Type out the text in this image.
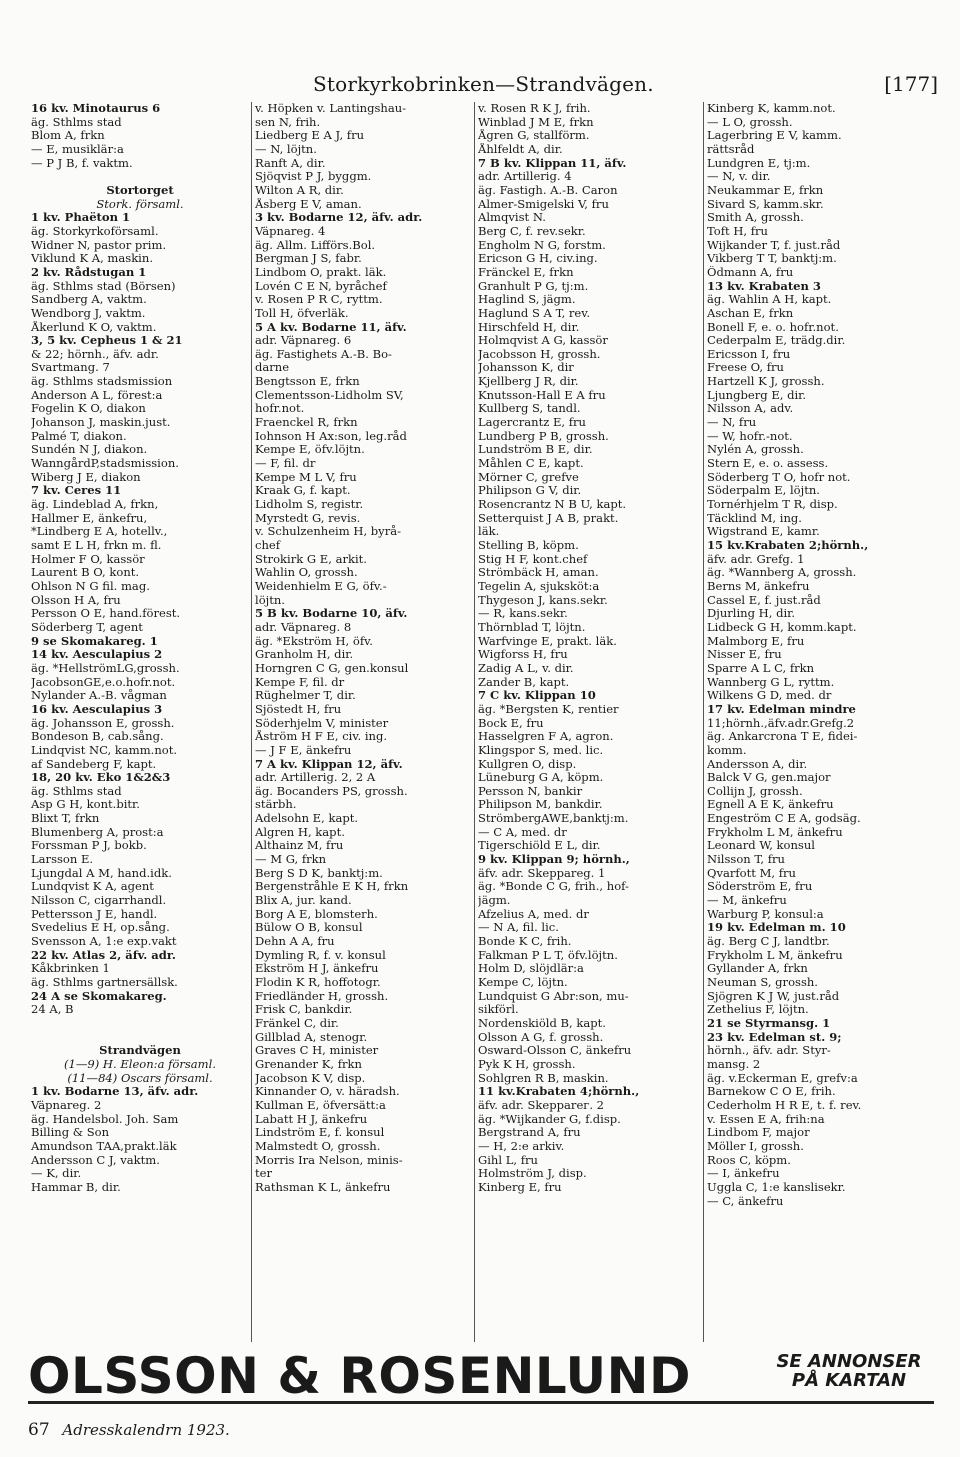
Storkyrkobrinken—Strandvägen.	[177]
16 kv. Minotaurus 6
äg. Sthlms stad
Blom A, frkn
— E, musiklär:a
— P J B, f. vaktm.

Stortorget
Stork. församl.
1 kv. Phaëton 1
äg. Storkyrkoförsaml.
Widner N, pastor prim.
Viklund K A, maskin.
2 kv. Rådstugan 1
äg. Sthlms stad (Börsen)
Sandberg A, vaktm.
Wendborg J, vaktm.
Åkerlund K O, vaktm.
3, 5 kv. Cepheus 1 & 21
& 22; hörnh., äfv. adr.
Svartmang. 7
äg. Sthlms stadsmission
Anderson A L, förest:a
Fogelin K O, diakon
Johanson J, maskin.just.
Palmé T, diakon.
Sundén N J, diakon.
WanngårdP,stadsmission.
Wiberg J E, diakon
7 kv. Ceres 11
äg. Lindeblad A, frkn,
Hallmer E, änkefru,
*Lindberg E A, hotellv.,
samt E L H, frkn m. fl.
Holmer F O, kassör
Laurent B O, kont.
Ohlson N G fil. mag.
Olsson H A, fru
Persson O E, hand.förest.
Söderberg T, agent
9 se Skomakareg. 1
14 kv. Aesculapius 2
äg. *HellströmLG,grossh.
JacobsonGE,e.o.hofr.not.
Nylander A.-B. vågman
16 kv. Aesculapius 3
äg. Johansson E, grossh.
Bondeson B, cab.sång.
Lindqvist NC, kamm.not.
af Sandeberg F, kapt.
18, 20 kv. Eko 1&2&3
äg. Sthlms stad
Asp G H, kont.bitr.
Blixt T, frkn
Blumenberg A, prost:a
Forssman P J, bokb.
Larsson E.
Ljungdal A M, hand.idk.
Lundqvist K A, agent
Nilsson C, cigarrhandl.
Pettersson J E, handl.
Svedelius E H, op.sång.
Svensson A, 1:e exp.vakt
22 kv. Atlas 2, äfv. adr.
Kåkbrinken 1
äg. Sthlms gartnersällsk.
24 A se Skomakareg.
24 A, B

Strandvägen
(1—9) H. Eleon:a församl.
(11—84) Oscars församl.
1 kv. Bodarne 13, äfv. adr.
Väpnareg. 2
äg. Handelsbol. Joh. Sam
Billing & Son
Amundson TAA,prakt.läk
Andersson C J, vaktm.
— K, dir.
Hammar B, dir.
v. Höpken v. Lantingshau-
sen N, frih.
Liedberg E A J, fru
— N, löjtn.
Ranft A, dir.
Sjöqvist P J, byggm.
Wilton A R, dir.
Åsberg E V, aman.
3 kv. Bodarne 12, äfv. adr.
Väpnareg. 4
äg. Allm. Lifförs.Bol.
Bergman J S, fabr.
Lindbom O, prakt. läk.
Lovén C E N, byråchef
v. Rosen P R C, ryttm.
Toll H, öfverläk.
5 A kv. Bodarne 11, äfv.
adr. Väpnareg. 6
äg. Fastighets A.-B. Bo-
darne
Bengtsson E, frkn
Clementsson-Lidholm SV,
hofr.not.
Fraenckel R, frkn
Iohnson H Ax:son, leg.råd
Kempe E, öfv.löjtn.
— F, fil. dr
Kempe M L V, fru
Kraak G, f. kapt.
Lidholm S, registr.
Myrstedt G, revis.
v. Schulzenheim H, byrå-
chef
Strokirk G E, arkit.
Wahlin O, grossh.
Weidenhielm E G, öfv.-
löjtn.
5 B kv. Bodarne 10, äfv.
adr. Väpnareg. 8
äg. *Ekström H, öfv.
Granholm H, dir.
Horngren C G, gen.konsul
Kempe F, fil. dr
Rüghelmer T, dir.
Sjöstedt H, fru
Söderhjelm V, minister
Åström H F E, civ. ing.
— J F E, änkefru
7 A kv. Klippan 12, äfv.
adr. Artillerig. 2, 2 A
äg. Bocanders PS, grossh.
stärbh.
Adelsohn E, kapt.
Algren H, kapt.
Althainz M, fru
— M G, frkn
Berg S D K, banktj:m.
Bergenstråhle E K H, frkn
Blix A, jur. kand.
Borg A E, blomsterh.
Bülow O B, konsul
Dehn A A, fru
Dymling R, f. v. konsul
Ekström H J, änkefru
Flodin K R, hoffotogr.
Friedländer H, grossh.
Frisk C, bankdir.
Fränkel C, dir.
Gillblad A, stenogr.
Graves C H, minister
Grenander K, frkn
Jacobson K V, disp.
Kinnander O, v. häradsh.
Kullman E, öfversätt:a
Labatt H J, änkefru
Lindström E, f. konsul
Malmstedt O, grossh.
Morris Ira Nelson, minis-
ter
Rathsman K L, änkefru
v. Rosen R K J, frih.
Winblad J M E, frkn
Ågren G, stallförm.
Åhlfeldt A, dir.
7 B kv. Klippan 11, äfv.
adr. Artillerig. 4
äg. Fastigh. A.-B. Caron
Almer-Smigelski V, fru
Almqvist N.
Berg C, f. rev.sekr.
Engholm N G, forstm.
Ericson G H, civ.ing.
Fränckel E, frkn
Granhult P G, tj:m.
Haglind S, jägm.
Haglund S A T, rev.
Hirschfeld H, dir.
Holmqvist A G, kassör
Jacobsson H, grossh.
Johansson K, dir
Kjellberg J R, dir.
Knutsson-Hall E A fru
Kullberg S, tandl.
Lagercrantz E, fru
Lundberg P B, grossh.
Lundström B E, dir.
Måhlen C E, kapt.
Mörner C, grefve
Philipson G V, dir.
Rosencrantz N B U, kapt.
Setterquist J A B, prakt.
läk.
Stelling B, köpm.
Stig H F, kont.chef
Strömbäck H, aman.
Tegelin A, sjuksköt:a
Thygeson J, kans.sekr.
— R, kans.sekr.
Thörnblad T, löjtn.
Warfvinge E, prakt. läk.
Wigforss H, fru
Zadig A L, v. dir.
Zander B, kapt.
7 C kv. Klippan 10
äg. *Bergsten K, rentier
Bock E, fru
Hasselgren F A, agron.
Klingspor S, med. lic.
Kullgren O, disp.
Lüneburg G A, köpm.
Persson N, bankir
Philipson M, bankdir.
StrömbergAWE,banktj:m.
— C A, med. dr
Tigerschiöld E L, dir.
9 kv. Klippan 9; hörnh.,
äfv. adr. Skeppareg. 1
äg. *Bonde C G, frih., hof-
jägm.
Afzelius A, med. dr
— N A, fil. lic.
Bonde K C, frih.
Falkman P L T, öfv.löjtn.
Holm D, slöjdlär:a
Kempe C, löjtn.
Lundquist G Abr:son, mu-
sikförl.
Nordenskiöld B, kapt.
Olsson A G, f. grossh.
Osward-Olsson C, änkefru
Pyk K H, grossh.
Sohlgren R B, maskin.
11 kv.Krabaten 4;hörnh.,
äfv. adr. Skepparег. 2
äg. *Wijkander G, f.disp.
Bergstrand A, fru
— H, 2:e arkiv.
Gihl L, fru
Holmström J, disp.
Kinberg E, fru
Kinberg K, kamm.not.
— L O, grossh.
Lagerbring E V, kamm.
rättsråd
Lundgren E, tj:m.
— N, v. dir.
Neukammar E, frkn
Sivard S, kamm.skr.
Smith A, grossh.
Toft H, fru
Wijkander T, f. just.råd
Vikberg T T, banktj:m.
Ödmann A, fru
13 kv. Krabaten 3
äg. Wahlin A H, kapt.
Aschan E, frkn
Bonell F, e. o. hofr.not.
Cederpalm E, trädg.dir.
Ericsson I, fru
Freese O, fru
Hartzell K J, grossh.
Ljungberg E, dir.
Nilsson A, adv.
— N, fru
— W, hofr.-not.
Nylén A, grossh.
Stern E, e. o. assess.
Söderberg T O, hofr not.
Söderpalm E, löjtn.
Tornérhjelm T R, disp.
Täcklind M, ing.
Wigstrand E, kamr.
15 kv.Krabaten 2;hörnh.,
äfv. adr. Grefg. 1
äg. *Wannberg A, grossh.
Berns M, änkefru
Cassel E, f. just.råd
Djurling H, dir.
Lidbeck G H, komm.kapt.
Malmborg E, fru
Nisser E, fru
Sparre A L C, frkn
Wannberg G L, ryttm.
Wilkens G D, med. dr
17 kv. Edelman mindre
11;hörnh.,äfv.adr.Grefg.2
äg. Ankarcrona T E, fidei-
komm.
Andersson A, dir.
Balck V G, gen.major
Collijn J, grossh.
Egnell A E K, änkefru
Engeström C E A, godsäg.
Frykholm L M, änkefru
Leonard W, konsul
Nilsson T, fru
Qvarfott M, fru
Söderström E, fru
— M, änkefru
Warburg P, konsul:a
19 kv. Edelman m. 10
äg. Berg C J, landtbr.
Frykholm L M, änkefru
Gyllander A, frkn
Neuman S, grossh.
Sjögren K J W, just.råd
Zethelius F, löjtn.
21 se Styrmansg. 1
23 kv. Edelman st. 9;
hörnh., äfv. adr. Styr-
mansg. 2
äg. v.Eckerman E, grefv:a
Barnekow C O E, frih.
Cederholm H R E, t. f. rev.
v. Essen E A, frih:na
Lindbom F, major
Möller I, grossh.
Roos C, köpm.
— I, änkefru
Uggla C, 1:e kanslisekr.
— C, änkefru
OLSSON & ROSENLUND	SE ANNONSER PÅ KARTAN
67 Adresskalendrn 1923.
